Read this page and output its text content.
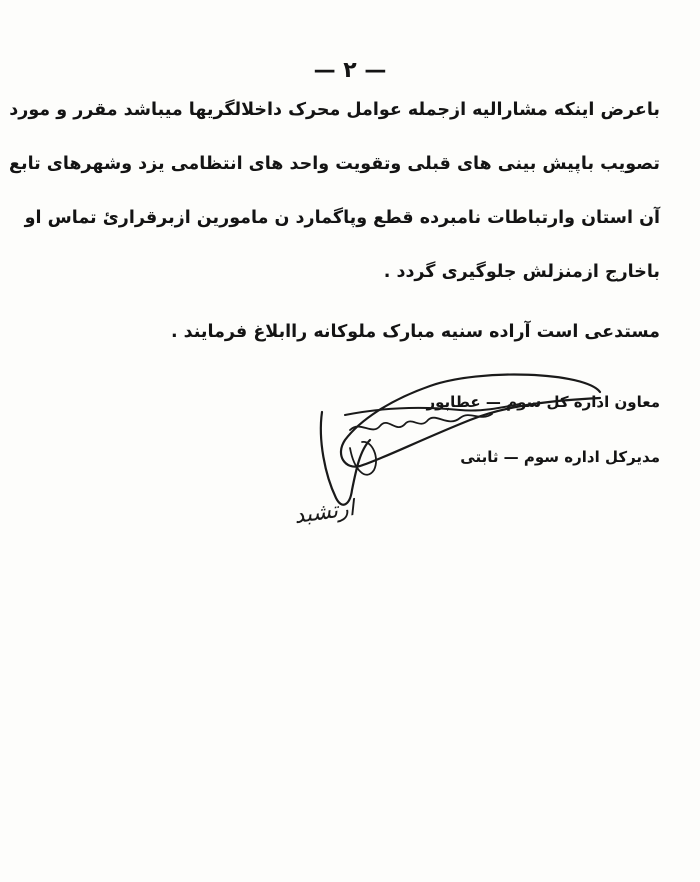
— ۲ —
باعرض اینکه مشارالیه ازجمله عوامل محرک داخلالگریها میباشد مقرر و مورد
تصویب باپیش بینی های قبلی وتقویت واحد های انتظامی یزد وشهرهای تابع
آن استان وارتباطات نامبرده قطع وپاگمارد ن مامورین ازبرقرارئ تماس او
باخارج ازمنزلش جلوگیری گردد .
مستدعی است آراده سنیه مبارک ملوکانه راابلاغ فرمایند .
معاون اداره کل سوم — عطاپور
مدیرکل اداره سوم — ثابتی
ارتشبد
